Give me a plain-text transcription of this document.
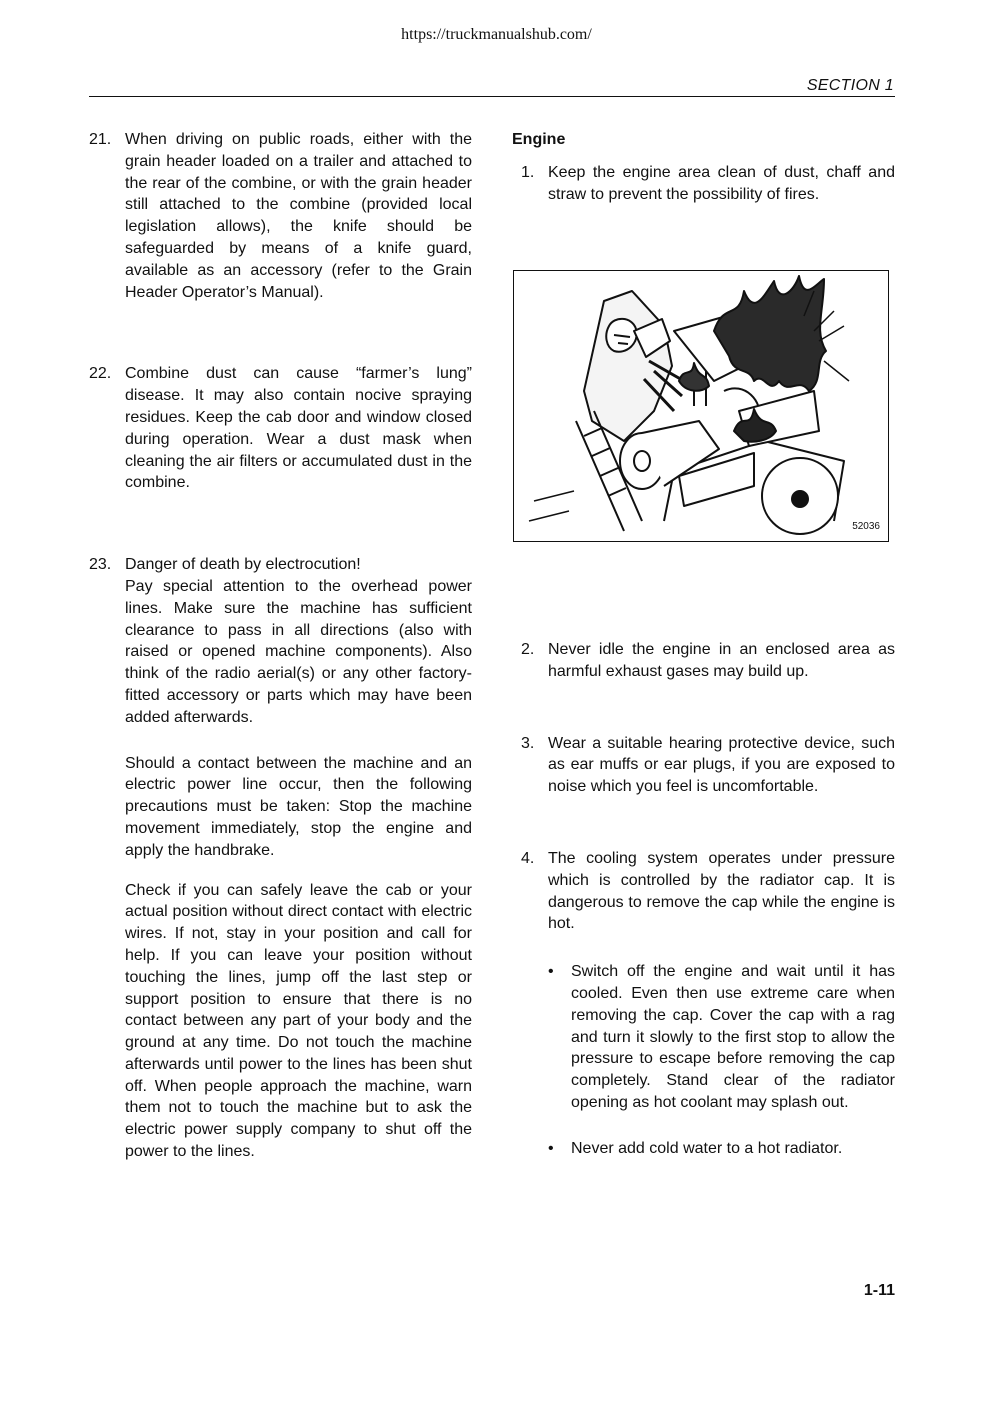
https://truckmanualshub.com/
SECTION 1
21. When driving on public roads, either with the grain header loaded on a trailer and attached to the rear of the combine, or with the grain header still attached to the combine (provided local legislation allows), the knife should be safeguarded by means of a knife guard, available as an accessory (refer to the Grain Header Operator’s Manual).
22. Combine dust can cause “farmer’s lung” disease. It may also contain nocive spraying residues. Keep the cab door and window closed during operation. Wear a dust mask when cleaning the air filters or accumulated dust in the combine.
23. Danger of death by electrocution!

Pay special attention to the overhead power lines. Make sure the machine has sufficient clearance to pass in all directions (also with raised or opened machine components). Also think of the radio aerial(s) or any other factory-fitted accessory or parts which may have been added afterwards.

Should a contact between the machine and an electric power line occur, then the following precautions must be taken: Stop the machine movement immediately, stop the engine and apply the handbrake.

Check if you can safely leave the cab or your actual position without direct contact with electric wires. If not, stay in your position and call for help. If you can leave your position without touching the lines, jump off the last step or support position to ensure that there is no contact between any part of your body and the ground at any time. Do not touch the machine afterwards until power to the lines has been shut off. When people approach the machine, warn them not to touch the machine but to ask the electric power supply company to shut off the power to the lines.

Engine

1. Keep the engine area clean of dust, chaff and straw to prevent the possibility of fires.
52036
2. Never idle the engine in an enclosed area as harmful exhaust gases may build up.
3. Wear a suitable hearing protective device, such as ear muffs or ear plugs, if you are exposed to noise which you feel is uncomfortable.
4. The cooling system operates under pressure which is controlled by the radiator cap. It is dangerous to remove the cap while the engine is hot.
• Switch off the engine and wait until it has cooled. Even then use extreme care when removing the cap. Cover the cap with a rag and turn it slowly to the first stop to allow the pressure to escape before removing the cap completely. Stand clear of the radiator opening as hot coolant may splash out.
• Never add cold water to a hot radiator.
1-11
